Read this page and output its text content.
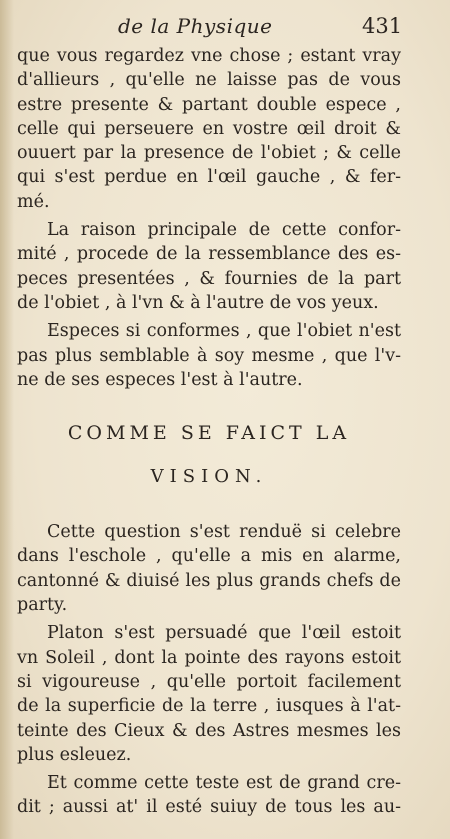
de la Physique	431
que vous regardez vne chose ; estant vray
d'allieurs , qu'elle ne laisse pas de vous
estre presente & partant double espece ,
celle qui perseuere en vostre œil droit &
ouuert par la presence de l'obiet ; & celle
qui s'est perdue en l'œil gauche , & fer-
mé.
La raison principale de cette confor-
mité , procede de la ressemblance des es-
peces presentées , & fournies de la part
de l'obiet , à l'vn & à l'autre de vos yeux.
Especes si conformes , que l'obiet n'est
pas plus semblable à soy mesme , que l'v-
ne de ses especes l'est à l'autre.
COMME SE FAICT LA
VISION.
Cette question s'est renduë si celebre
dans l'eschole , qu'elle a mis en alarme,
cantonné & diuisé les plus grands chefs de
party.
Platon s'est persuadé que l'œil estoit
vn Soleil , dont la pointe des rayons estoit
si vigoureuse , qu'elle portoit facilement
de la superficie de la terre , iusques à l'at-
teinte des Cieux & des Astres mesmes les
plus esleuez.
Et comme cette teste est de grand cre-
dit ; aussi at' il esté suiuy de tous les au-
